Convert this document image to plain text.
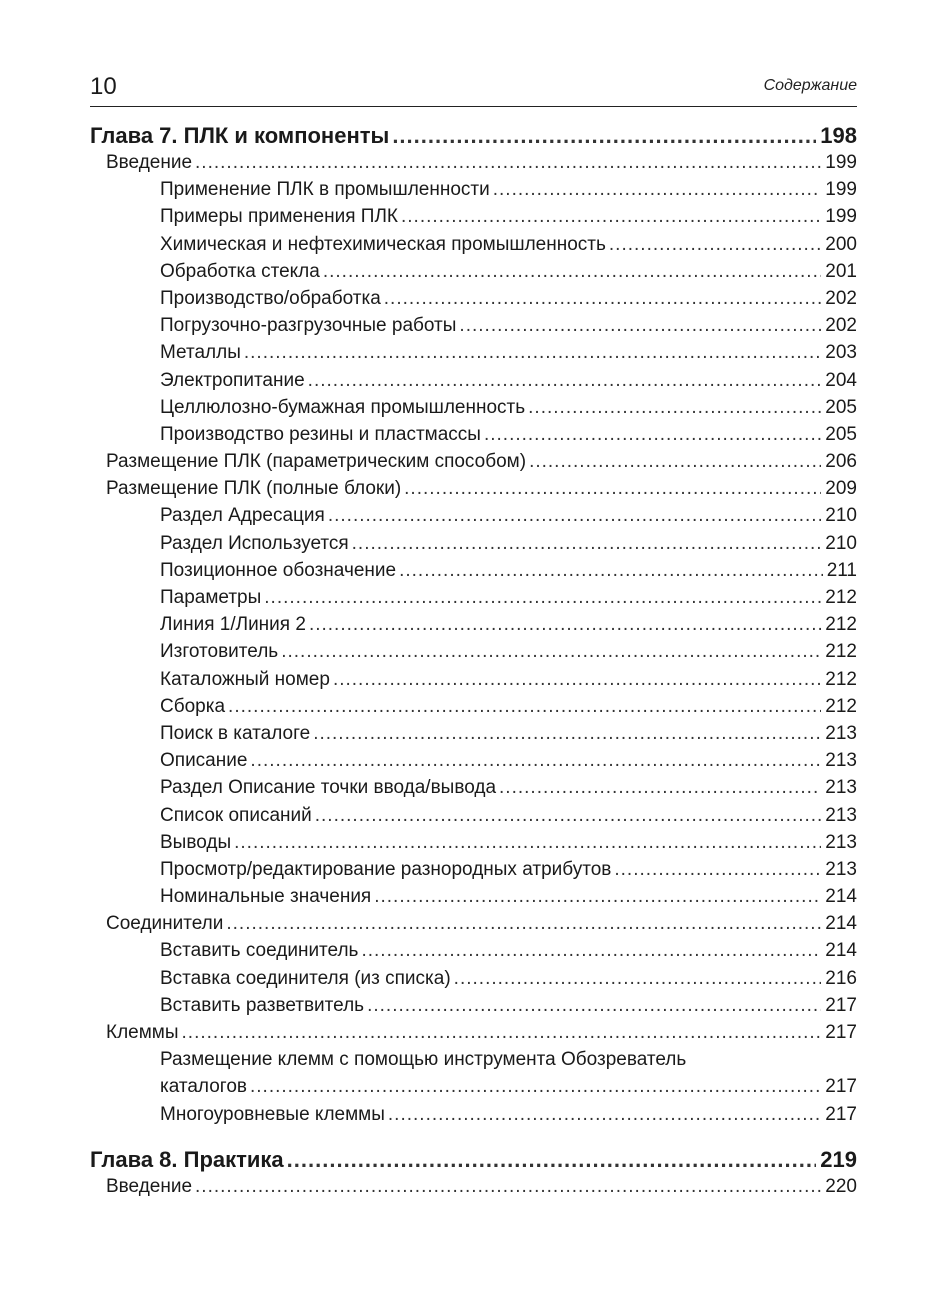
10	Содержание
Глава 7. ПЛК и компоненты .....	198
Введение .....	199
Применение ПЛК в промышленности .....	199
Примеры применения ПЛК .....	199
Химическая и нефтехимическая промышленность .....	200
Обработка стекла .....	201
Производство/обработка .....	202
Погрузочно-разгрузочные работы .....	202
Металлы .....	203
Электропитание .....	204
Целлюлозно-бумажная промышленность .....	205
Производство резины и пластмассы .....	205
Размещение ПЛК (параметрическим способом) .....	206
Размещение ПЛК (полные блоки) .....	209
Раздел Адресация .....	210
Раздел Используется .....	210
Позиционное обозначение .....	211
Параметры .....	212
Линия 1/Линия 2 .....	212
Изготовитель .....	212
Каталожный номер .....	212
Сборка .....	212
Поиск в каталоге .....	213
Описание .....	213
Раздел Описание точки ввода/вывода .....	213
Список описаний .....	213
Выводы .....	213
Просмотр/редактирование разнородных атрибутов .....	213
Номинальные значения .....	214
Соединители .....	214
Вставить соединитель .....	214
Вставка соединителя (из списка) .....	216
Вставить разветвитель .....	217
Клеммы .....	217
Размещение клемм с помощью инструмента Обозреватель
каталогов .....	217
Многоуровневые клеммы .....	217
Глава 8. Практика .....	219
Введение .....	220
